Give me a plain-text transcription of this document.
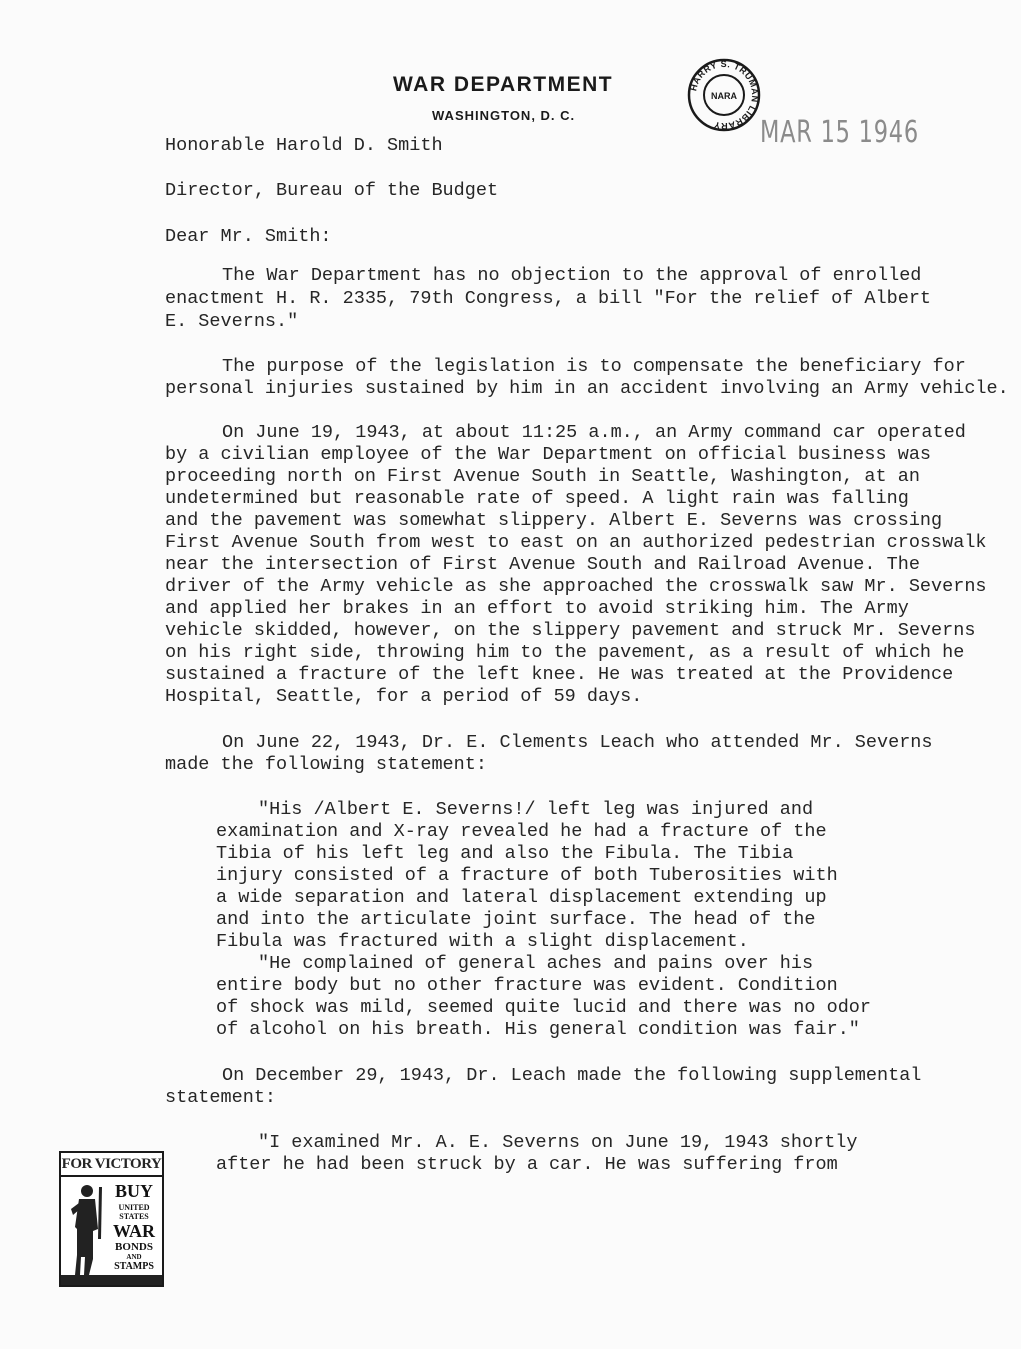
WAR DEPARTMENT
WASHINGTON, D. C.
HARRY S. TRUMAN LIBRARY
NARA
MAR 15 1946
Honorable Harold D. Smith
Director, Bureau of the Budget
Dear Mr. Smith:
The War Department has no objection to the approval of enrolled
enactment H. R. 2335, 79th Congress, a bill "For the relief of Albert
E. Severns."
The purpose of the legislation is to compensate the beneficiary for
personal injuries sustained by him in an accident involving an Army vehicle.
On June 19, 1943, at about 11:25 a.m., an Army command car operated
by a civilian employee of the War Department on official business was
proceeding north on First Avenue South in Seattle, Washington, at an
undetermined but reasonable rate of speed. A light rain was falling
and the pavement was somewhat slippery. Albert E. Severns was crossing
First Avenue South from west to east on an authorized pedestrian crosswalk
near the intersection of First Avenue South and Railroad Avenue. The
driver of the Army vehicle as she approached the crosswalk saw Mr. Severns
and applied her brakes in an effort to avoid striking him. The Army
vehicle skidded, however, on the slippery pavement and struck Mr. Severns
on his right side, throwing him to the pavement, as a result of which he
sustained a fracture of the left knee. He was treated at the Providence
Hospital, Seattle, for a period of 59 days.
On June 22, 1943, Dr. E. Clements Leach who attended Mr. Severns
made the following statement:
"His /Albert E. Severns!/ left leg was injured and
examination and X-ray revealed he had a fracture of the
Tibia of his left leg and also the Fibula. The Tibia
injury consisted of a fracture of both Tuberosities with
a wide separation and lateral displacement extending up
and into the articulate joint surface. The head of the
Fibula was fractured with a slight displacement.
"He complained of general aches and pains over his
entire body but no other fracture was evident. Condition
of shock was mild, seemed quite lucid and there was no odor
of alcohol on his breath. His general condition was fair."
On December 29, 1943, Dr. Leach made the following supplemental
statement:
"I examined Mr. A. E. Severns on June 19, 1943 shortly
after he had been struck by a car. He was suffering from
FOR VICTORY
BUY
UNITED
STATES
WAR
BONDS
AND
STAMPS
